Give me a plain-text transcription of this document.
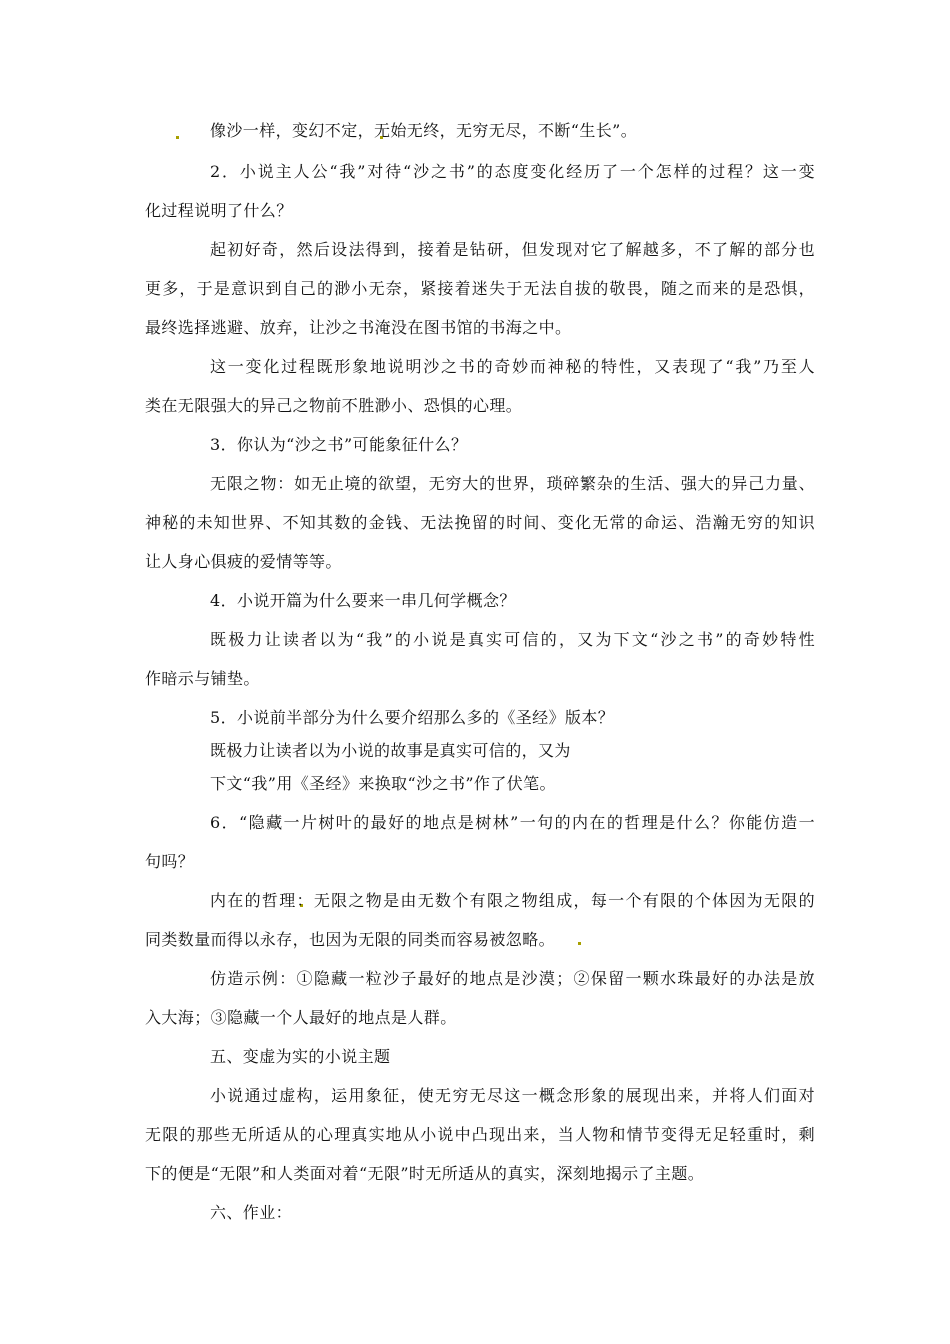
像沙一样，变幻不定，无始无终，无穷无尽，不断“生长”。
2．小说主人公“我”对待“沙之书”的态度变化经历了一个怎样的过程？这一变
化过程说明了什么？
起初好奇，然后设法得到，接着是钻研，但发现对它了解越多，不了解的部分也
更多，于是意识到自己的渺小无奈，紧接着迷失于无法自拔的敬畏，随之而来的是恐惧，
最终选择逃避、放弃，让沙之书淹没在图书馆的书海之中。
这一变化过程既形象地说明沙之书的奇妙而神秘的特性，又表现了“我”乃至人
类在无限强大的异己之物前不胜渺小、恐惧的心理。
3．你认为“沙之书”可能象征什么？
无限之物：如无止境的欲望，无穷大的世界，琐碎繁杂的生活、强大的异己力量、
神秘的未知世界、不知其数的金钱、无法挽留的时间、变化无常的命运、浩瀚无穷的知识
让人身心俱疲的爱情等等。
4．小说开篇为什么要来一串几何学概念？
既极力让读者以为“我”的小说是真实可信的，又为下文“沙之书”的奇妙特性
作暗示与铺垫。
5．小说前半部分为什么要介绍那么多的《圣经》版本？
既极力让读者以为小说的故事是真实可信的，又为
下文“我”用《圣经》来换取“沙之书”作了伏笔。
6．“隐藏一片树叶的最好的地点是树林”一句的内在的哲理是什么？你能仿造一
句吗？
内在的哲理：无限之物是由无数个有限之物组成，每一个有限的个体因为无限的
同类数量而得以永存，也因为无限的同类而容易被忽略。
仿造示例：①隐藏一粒沙子最好的地点是沙漠；②保留一颗水珠最好的办法是放
入大海；③隐藏一个人最好的地点是人群。
五、变虚为实的小说主题
小说通过虚构，运用象征，使无穷无尽这一概念形象的展现出来，并将人们面对
无限的那些无所适从的心理真实地从小说中凸现出来，当人物和情节变得无足轻重时，剩
下的便是“无限”和人类面对着“无限”时无所适从的真实，深刻地揭示了主题。
六、作业：
